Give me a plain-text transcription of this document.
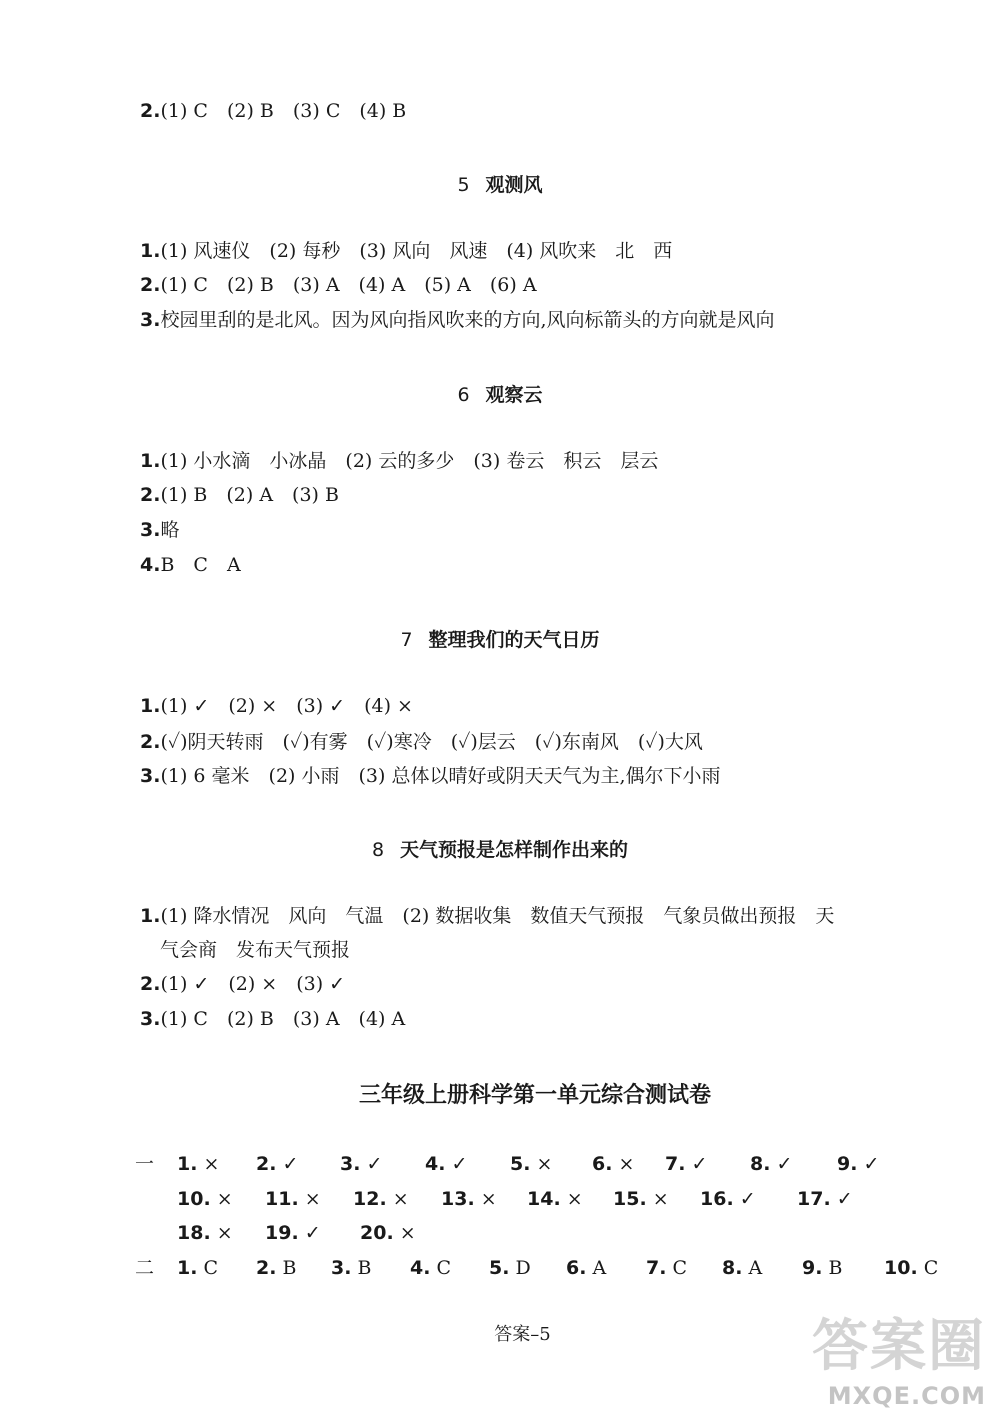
2.(1) C　(2) B　(3) C　(4) B
5 观测风
1.(1) 风速仪　(2) 每秒　(3) 风向　风速　(4) 风吹来　北　西
2.(1) C　(2) B　(3) A　(4) A　(5) A　(6) A
3.校园里刮的是北风。因为风向指风吹来的方向,风向标箭头的方向就是风向
6 观察云
1.(1) 小水滴　小冰晶　(2) 云的多少　(3) 卷云　积云　层云
2.(1) B　(2) A　(3) B
3.略
4.B　C　A
7 整理我们的天气日历
1.(1) ✓　(2) ×　(3) ✓　(4) ×
2.(✓)阴天转雨　(✓)有雾　(✓)寒冷　(✓)层云　(✓)东南风　(✓)大风
3.(1) 6 毫米　(2) 小雨　(3) 总体以晴好或阴天天气为主,偶尔下小雨
8 天气预报是怎样制作出来的
1.(1) 降水情况　风向　气温　(2) 数据收集　数值天气预报　气象员做出预报　天
气会商　发布天气预报
2.(1) ✓　(2) ×　(3) ✓
3.(1) C　(2) B　(3) A　(4) A
三年级上册科学第一单元综合测试卷
一 1. × 2. ✓ 3. ✓ 4. ✓ 5. × 6. × 7. ✓ 8. ✓ 9. ✓
10. × 11. × 12. × 13. × 14. × 15. × 16. ✓ 17. ✓
18. × 19. ✓ 20. ×
二 1. C 2. B 3. B 4. C 5. D 6. A 7. C 8. A 9. B 10. C
答案–5	答案圈
MXQE.COM
